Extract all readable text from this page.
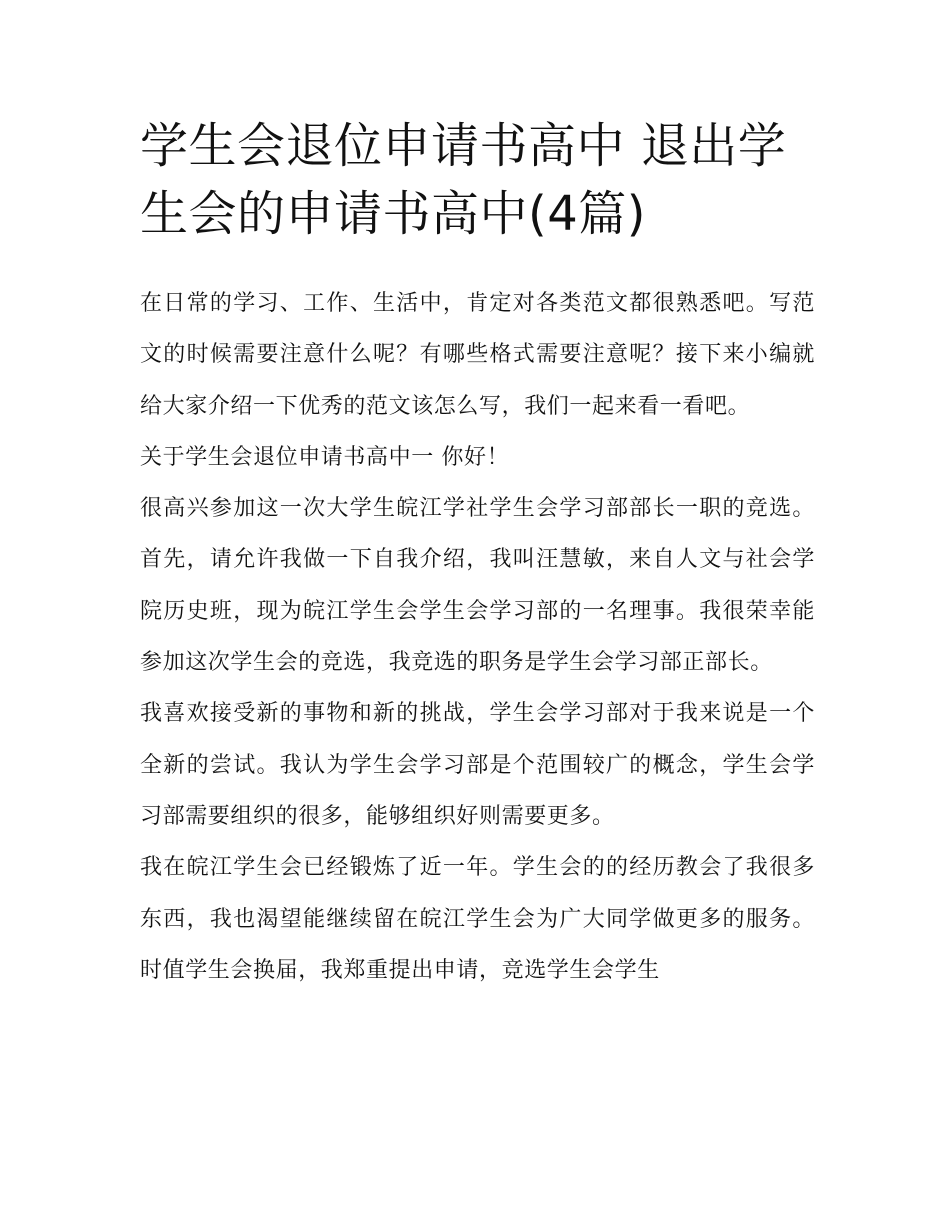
学生会退位申请书高中 退出学生会的申请书高中(4篇)

在日常的学习、工作、生活中，肯定对各类范文都很熟悉吧。写范文的时候需要注意什么呢？有哪些格式需要注意呢？接下来小编就给大家介绍一下优秀的范文该怎么写，我们一起来看一看吧。

关于学生会退位申请书高中一 你好！

很高兴参加这一次大学生皖江学社学生会学习部部长一职的竞选。首先，请允许我做一下自我介绍，我叫汪慧敏，来自人文与社会学院历史班，现为皖江学生会学生会学习部的一名理事。我很荣幸能参加这次学生会的竞选，我竞选的职务是学生会学习部正部长。

我喜欢接受新的事物和新的挑战，学生会学习部对于我来说是一个全新的尝试。我认为学生会学习部是个范围较广的概念，学生会学习部需要组织的很多，能够组织好则需要更多。

我在皖江学生会已经锻炼了近一年。学生会的的经历教会了我很多东西，我也渴望能继续留在皖江学生会为广大同学做更多的服务。时值学生会换届，我郑重提出申请，竞选学生会学生
